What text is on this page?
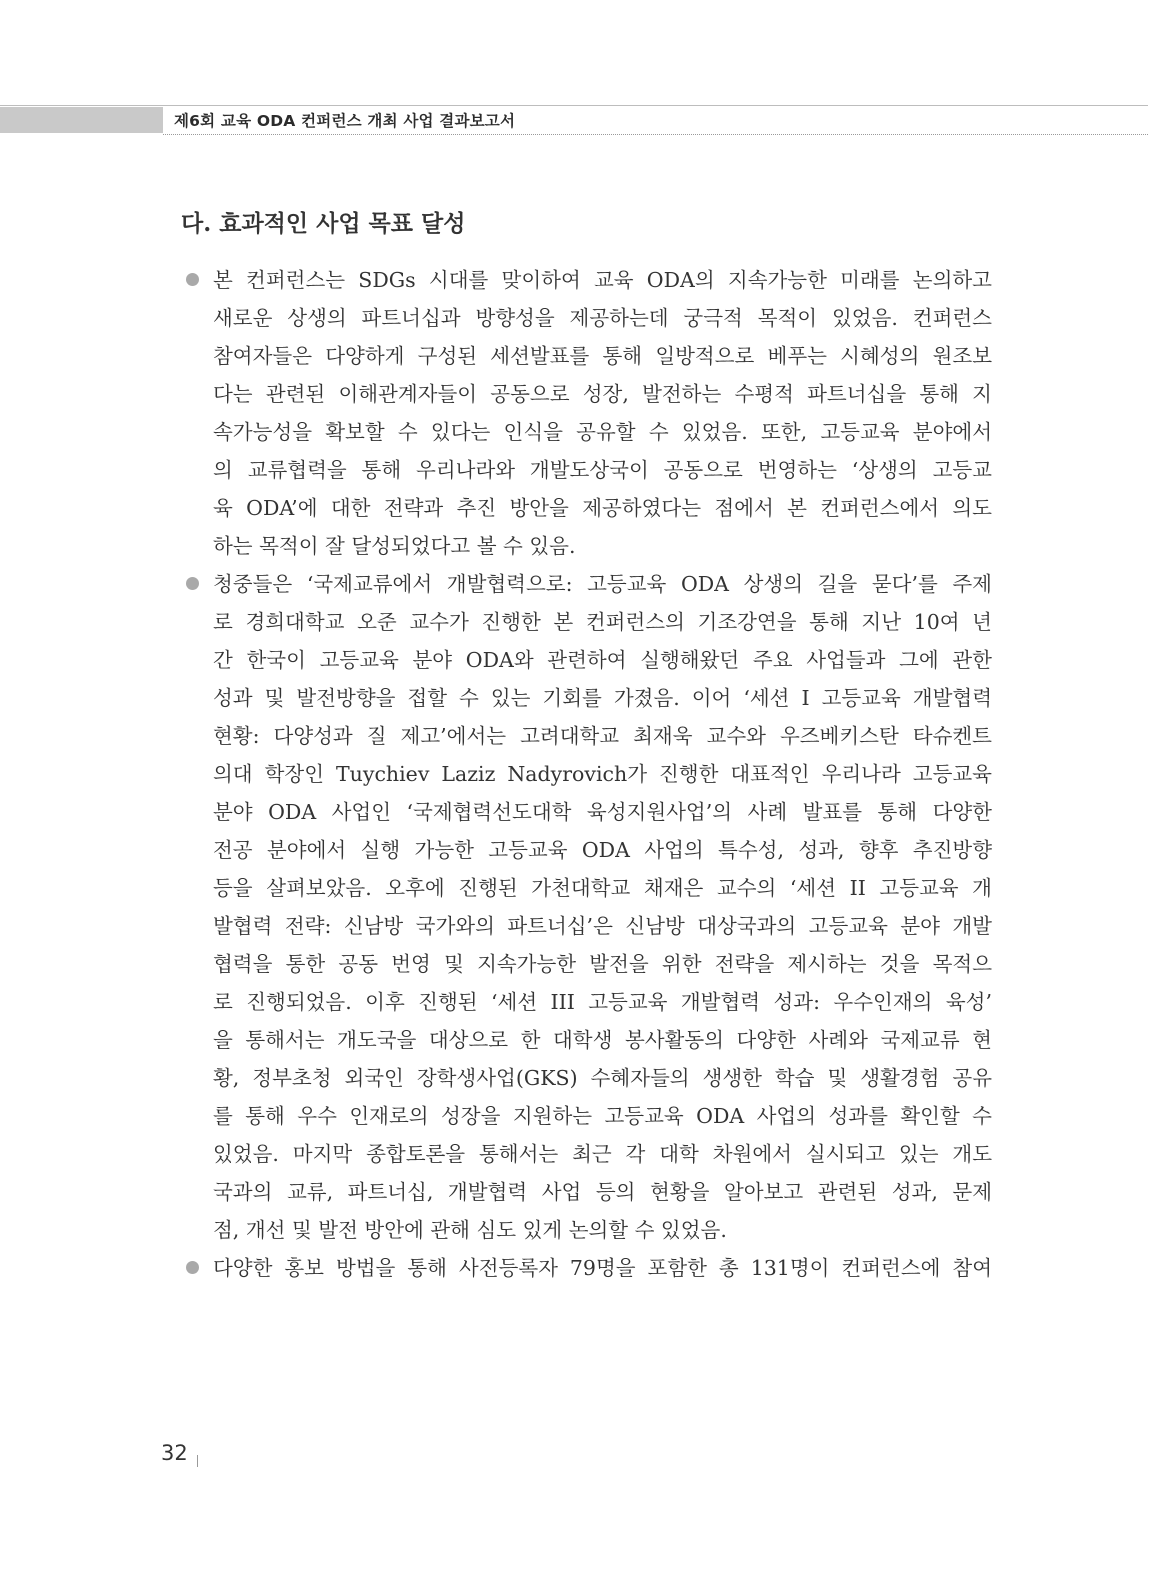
제6회 교육 ODA 컨퍼런스 개최 사업 결과보고서
다. 효과적인 사업 목표 달성
본 컨퍼런스는 SDGs 시대를 맞이하여 교육 ODA의 지속가능한 미래를 논의하고
새로운 상생의 파트너십과 방향성을 제공하는데 궁극적 목적이 있었음. 컨퍼런스
참여자들은 다양하게 구성된 세션발표를 통해 일방적으로 베푸는 시혜성의 원조보
다는 관련된 이해관계자들이 공동으로 성장, 발전하는 수평적 파트너십을 통해 지
속가능성을 확보할 수 있다는 인식을 공유할 수 있었음. 또한, 고등교육 분야에서
의 교류협력을 통해 우리나라와 개발도상국이 공동으로 번영하는 ‘상생의 고등교
육 ODA’에 대한 전략과 추진 방안을 제공하였다는 점에서 본 컨퍼런스에서 의도
하는 목적이 잘 달성되었다고 볼 수 있음.
청중들은 ‘국제교류에서 개발협력으로: 고등교육 ODA 상생의 길을 묻다’를 주제
로 경희대학교 오준 교수가 진행한 본 컨퍼런스의 기조강연을 통해 지난 10여 년
간 한국이 고등교육 분야 ODA와 관련하여 실행해왔던 주요 사업들과 그에 관한
성과 및 발전방향을 접할 수 있는 기회를 가졌음. 이어 ‘세션 I 고등교육 개발협력
현황: 다양성과 질 제고’에서는 고려대학교 최재욱 교수와 우즈베키스탄 타슈켄트
의대 학장인 Tuychiev Laziz Nadyrovich가 진행한 대표적인 우리나라 고등교육
분야 ODA 사업인 ‘국제협력선도대학 육성지원사업’의 사례 발표를 통해 다양한
전공 분야에서 실행 가능한 고등교육 ODA 사업의 특수성, 성과, 향후 추진방향
등을 살펴보았음. 오후에 진행된 가천대학교 채재은 교수의 ‘세션 II 고등교육 개
발협력 전략: 신남방 국가와의 파트너십’은 신남방 대상국과의 고등교육 분야 개발
협력을 통한 공동 번영 및 지속가능한 발전을 위한 전략을 제시하는 것을 목적으
로 진행되었음. 이후 진행된 ‘세션 III 고등교육 개발협력 성과: 우수인재의 육성’
을 통해서는 개도국을 대상으로 한 대학생 봉사활동의 다양한 사례와 국제교류 현
황, 정부초청 외국인 장학생사업(GKS) 수혜자들의 생생한 학습 및 생활경험 공유
를 통해 우수 인재로의 성장을 지원하는 고등교육 ODA 사업의 성과를 확인할 수
있었음. 마지막 종합토론을 통해서는 최근 각 대학 차원에서 실시되고 있는 개도
국과의 교류, 파트너십, 개발협력 사업 등의 현황을 알아보고 관련된 성과, 문제
점, 개선 및 발전 방안에 관해 심도 있게 논의할 수 있었음.
다양한 홍보 방법을 통해 사전등록자 79명을 포함한 총 131명이 컨퍼런스에 참여
32
